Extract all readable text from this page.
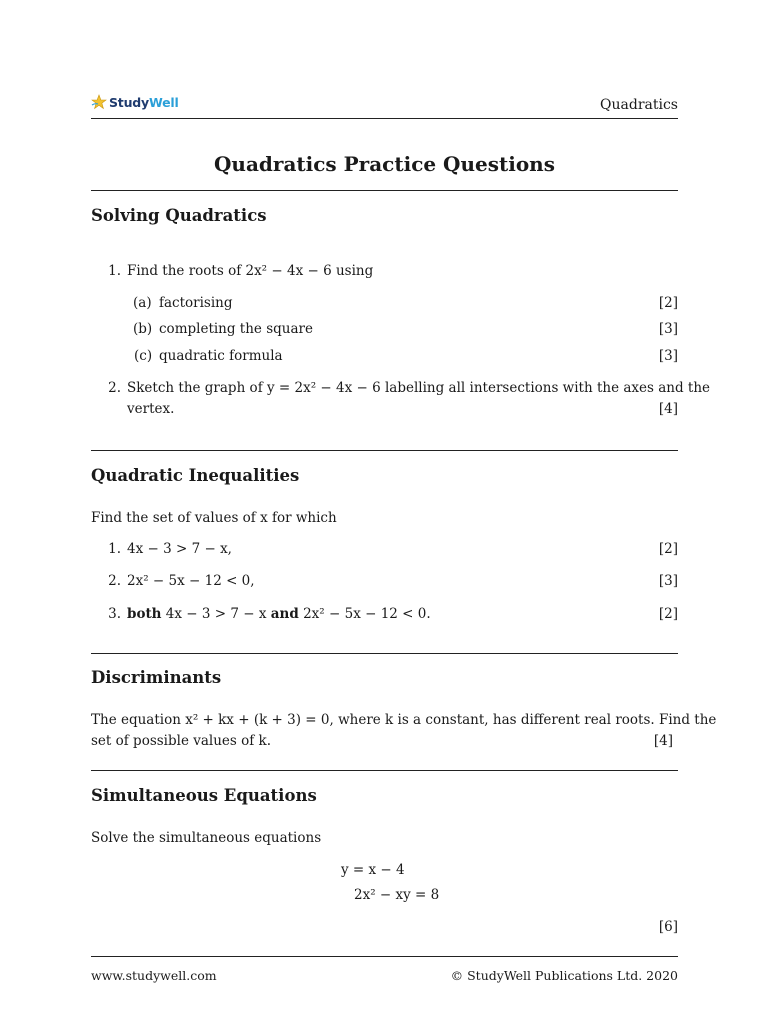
StudyWell	Quadratics
Quadratics Practice Questions
Solving Quadratics
1. Find the roots of 2x² − 4x − 6 using
(a) factorising	[2]
(b) completing the square	[3]
(c) quadratic formula	[3]
2. Sketch the graph of y = 2x² − 4x − 6 labelling all intersections with the axes and the
vertex.	[4]
Quadratic Inequalities
Find the set of values of x for which
1. 4x − 3 > 7 − x,	[2]
2. 2x² − 5x − 12 < 0,	[3]
3. both 4x − 3 > 7 − x and 2x² − 5x − 12 < 0.	[2]
Discriminants
The equation x² + kx + (k + 3) = 0, where k is a constant, has different real roots. Find the
set of possible values of k.	[4]
Simultaneous Equations
Solve the simultaneous equations
y = x − 4
2x² − xy = 8
[6]
www.studywell.com	© StudyWell Publications Ltd. 2020
